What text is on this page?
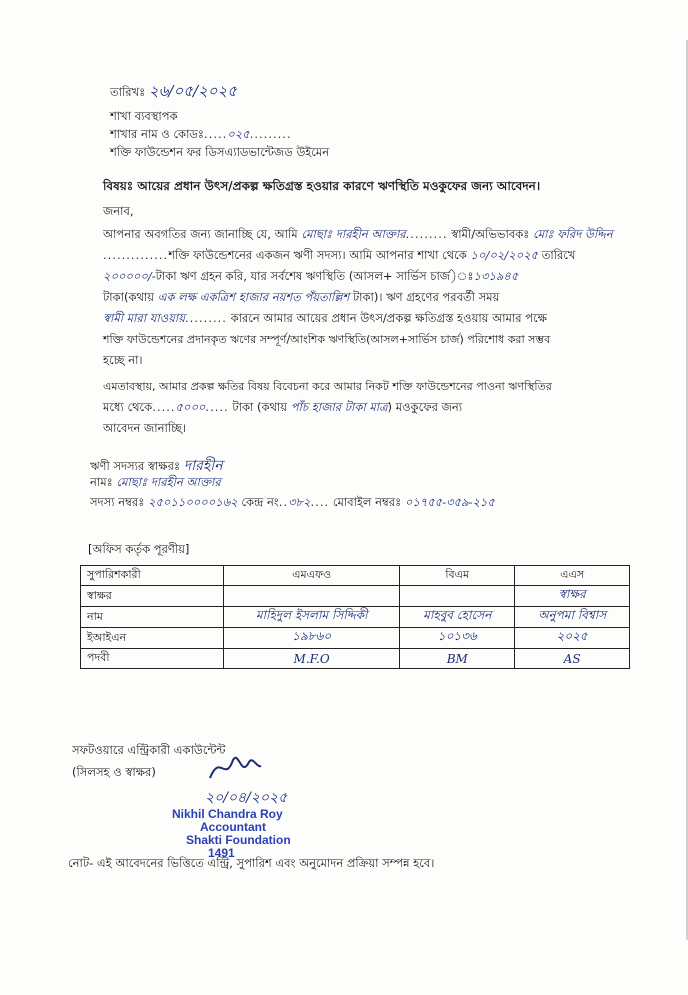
তারিখঃ ২৬/০৫/২০২৫
শাখা ব্যবস্থাপক
শাখার নাম ও কোডঃ.....০২৫.........
শক্তি ফাউন্ডেশন ফর ডিসএ্যাডভান্টেজড উইমেন
বিষয়ঃ আয়ের প্রধান উৎস/প্রকল্প ক্ষতিগ্রস্ত হওয়ার কারণে ঋণস্থিতি মওকুফের জন্য আবেদন।
জনাব,
আপনার অবগতির জন্য জানাচ্ছি যে, আমি মোছাঃ দারহীন আক্তার......... স্বামী/অভিভাবকঃ মোঃ ফরিদ উদ্দিন
..............শক্তি ফাউন্ডেশনের একজন ঋণী সদস্য। আমি আপনার শাখা থেকে ১০/০২/২০২৫ তারিখে
২০০০০০/-টাকা ঋণ গ্রহন করি, যার সর্বশেষ ঋণস্থিতি (আসল+ সার্ভিস চার্জ)ঃ১৩১৯৪৫
টাকা(কথায় এক লক্ষ একত্রিশ হাজার নয়শত পঁয়তাল্লিশ টাকা)। ঋণ গ্রহণের পরবর্তী সময়
স্বামী মারা যাওয়ায়......... কারনে আমার আয়ের প্রধান উৎস/প্রকল্প ক্ষতিগ্রস্ত হওয়ায় আমার পক্ষে
শক্তি ফাউন্ডেশনের প্রদানকৃত ঋণের সম্পূর্ণ/আংশিক ঋণস্থিতি(আসল+সার্ভিস চার্জ) পরিশোধ করা সম্ভব
হচ্ছে না।
এমতাবস্থায়, আমার প্রকল্প ক্ষতির বিষয় বিবেচনা করে আমার নিকট শক্তি ফাউন্ডেশনের পাওনা ঋণস্থিতির
মধ্যে থেকে.....৫০০০..... টাকা (কথায় পাঁচ হাজার টাকা মাত্র) মওকুফের জন্য
আবেদন জানাচ্ছি।
ঋণী সদস্যর স্বাক্ষরঃ দারহীন
নামঃ মোছাঃ দারহীন আক্তার
সদস্য নম্বরঃ ২৫০১১০০০০১৬২ কেন্দ্র নং..৩৮২.... মোবাইল নম্বরঃ ০১৭৫৫-৩৫৯-২১৫
[অফিস কর্তৃক পূরণীয়]
সুপারিশকারী	এমএফও	বিএম	এএস
স্বাক্ষর			স্বাক্ষর
নাম	মাহিদুল ইসলাম সিদ্দিকী	মাহবুব হোসেন	অনুপমা বিশ্বাস
ইআইএন	১৯৮৬০	১০১৩৬	২০২৫
পদবী	M.F.O	BM	AS
সফটওয়ারে এন্ট্রিকারী একাউন্টেন্ট
(সিলসহ ও স্বাক্ষর)
২০/০৪/২০২৫
Nikhil Chandra Roy
Accountant
Shakti Foundation
1491
নোট- এই আবেদনের ভিত্তিতে এন্ট্রি, সুপারিশ এবং অনুমোদন প্রক্রিয়া সম্পন্ন হবে।
